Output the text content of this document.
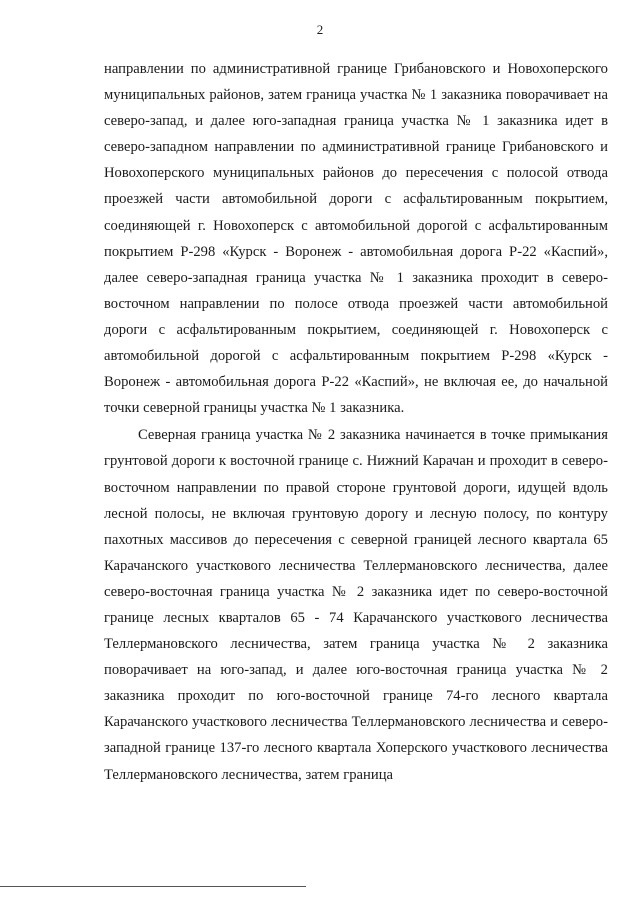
2

направлении по административной границе Грибановского и Новохоперского муниципальных районов, затем граница участка № 1 заказника поворачивает на северо-запад, и далее юго-западная граница участка № 1 заказника идет в северо-западном направлении по административной границе Грибановского и Новохоперского муниципальных районов до пересечения с полосой отвода проезжей части автомобильной дороги с асфальтированным покрытием, соединяющей г. Новохоперск с автомобильной дорогой с асфальтированным покрытием Р-298 «Курск - Воронеж - автомобильная дорога Р-22 «Каспий», далее северо-западная граница участка № 1 заказника проходит в северо-восточном направлении по полосе отвода проезжей части автомобильной дороги с асфальтированным покрытием, соединяющей г. Новохоперск с автомобильной дорогой с асфальтированным покрытием Р-298 «Курск - Воронеж - автомобильная дорога Р-22 «Каспий», не включая ее, до начальной точки северной границы участка № 1 заказника.

Северная граница участка № 2 заказника начинается в точке примыкания грунтовой дороги к восточной границе с. Нижний Карачан и проходит в северо-восточном направлении по правой стороне грунтовой дороги, идущей вдоль лесной полосы, не включая грунтовую дорогу и лесную полосу, по контуру пахотных массивов до пересечения с северной границей лесного квартала 65 Карачанского участкового лесничества Теллермановского лесничества, далее северо-восточная граница участка № 2 заказника идет по северо-восточной границе лесных кварталов 65 - 74 Карачанского участкового лесничества Теллермановского лесничества, затем граница участка № 2 заказника поворачивает на юго-запад, и далее юго-восточная граница участка № 2 заказника проходит по юго-восточной границе 74-го лесного квартала Карачанского участкового лесничества Теллермановского лесничества и северо-западной границе 137-го лесного квартала Хоперского участкового лесничества Теллермановского лесничества, затем граница
